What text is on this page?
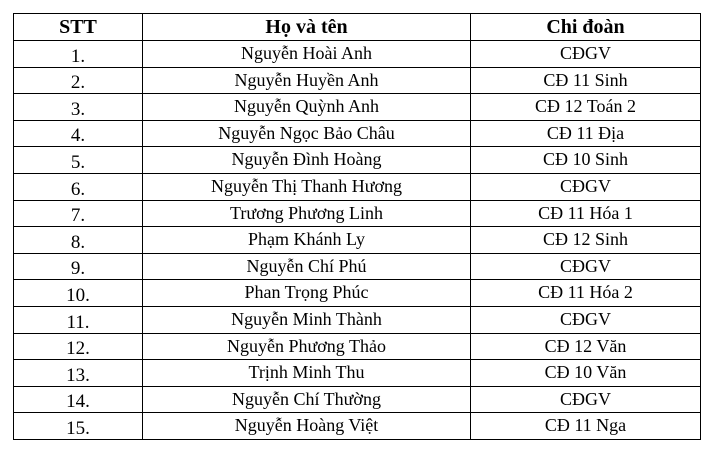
STT	Họ và tên	Chi đoàn
1.	Nguyễn Hoài Anh	CĐGV
2.	Nguyễn Huyền Anh	CĐ 11 Sinh
3.	Nguyễn Quỳnh Anh	CĐ 12 Toán 2
4.	Nguyễn Ngọc Bảo Châu	CĐ 11 Địa
5.	Nguyễn Đình Hoàng	CĐ 10 Sinh
6.	Nguyễn Thị Thanh Hương	CĐGV
7.	Trương Phương Linh	CĐ 11 Hóa 1
8.	Phạm Khánh Ly	CĐ 12 Sinh
9.	Nguyễn Chí Phú	CĐGV
10.	Phan Trọng Phúc	CĐ 11 Hóa 2
11.	Nguyễn Minh Thành	CĐGV
12.	Nguyễn Phương Thảo	CĐ 12 Văn
13.	Trịnh Minh Thu	CĐ 10 Văn
14.	Nguyễn Chí Thường	CĐGV
15.	Nguyễn Hoàng Việt	CĐ 11 Nga
